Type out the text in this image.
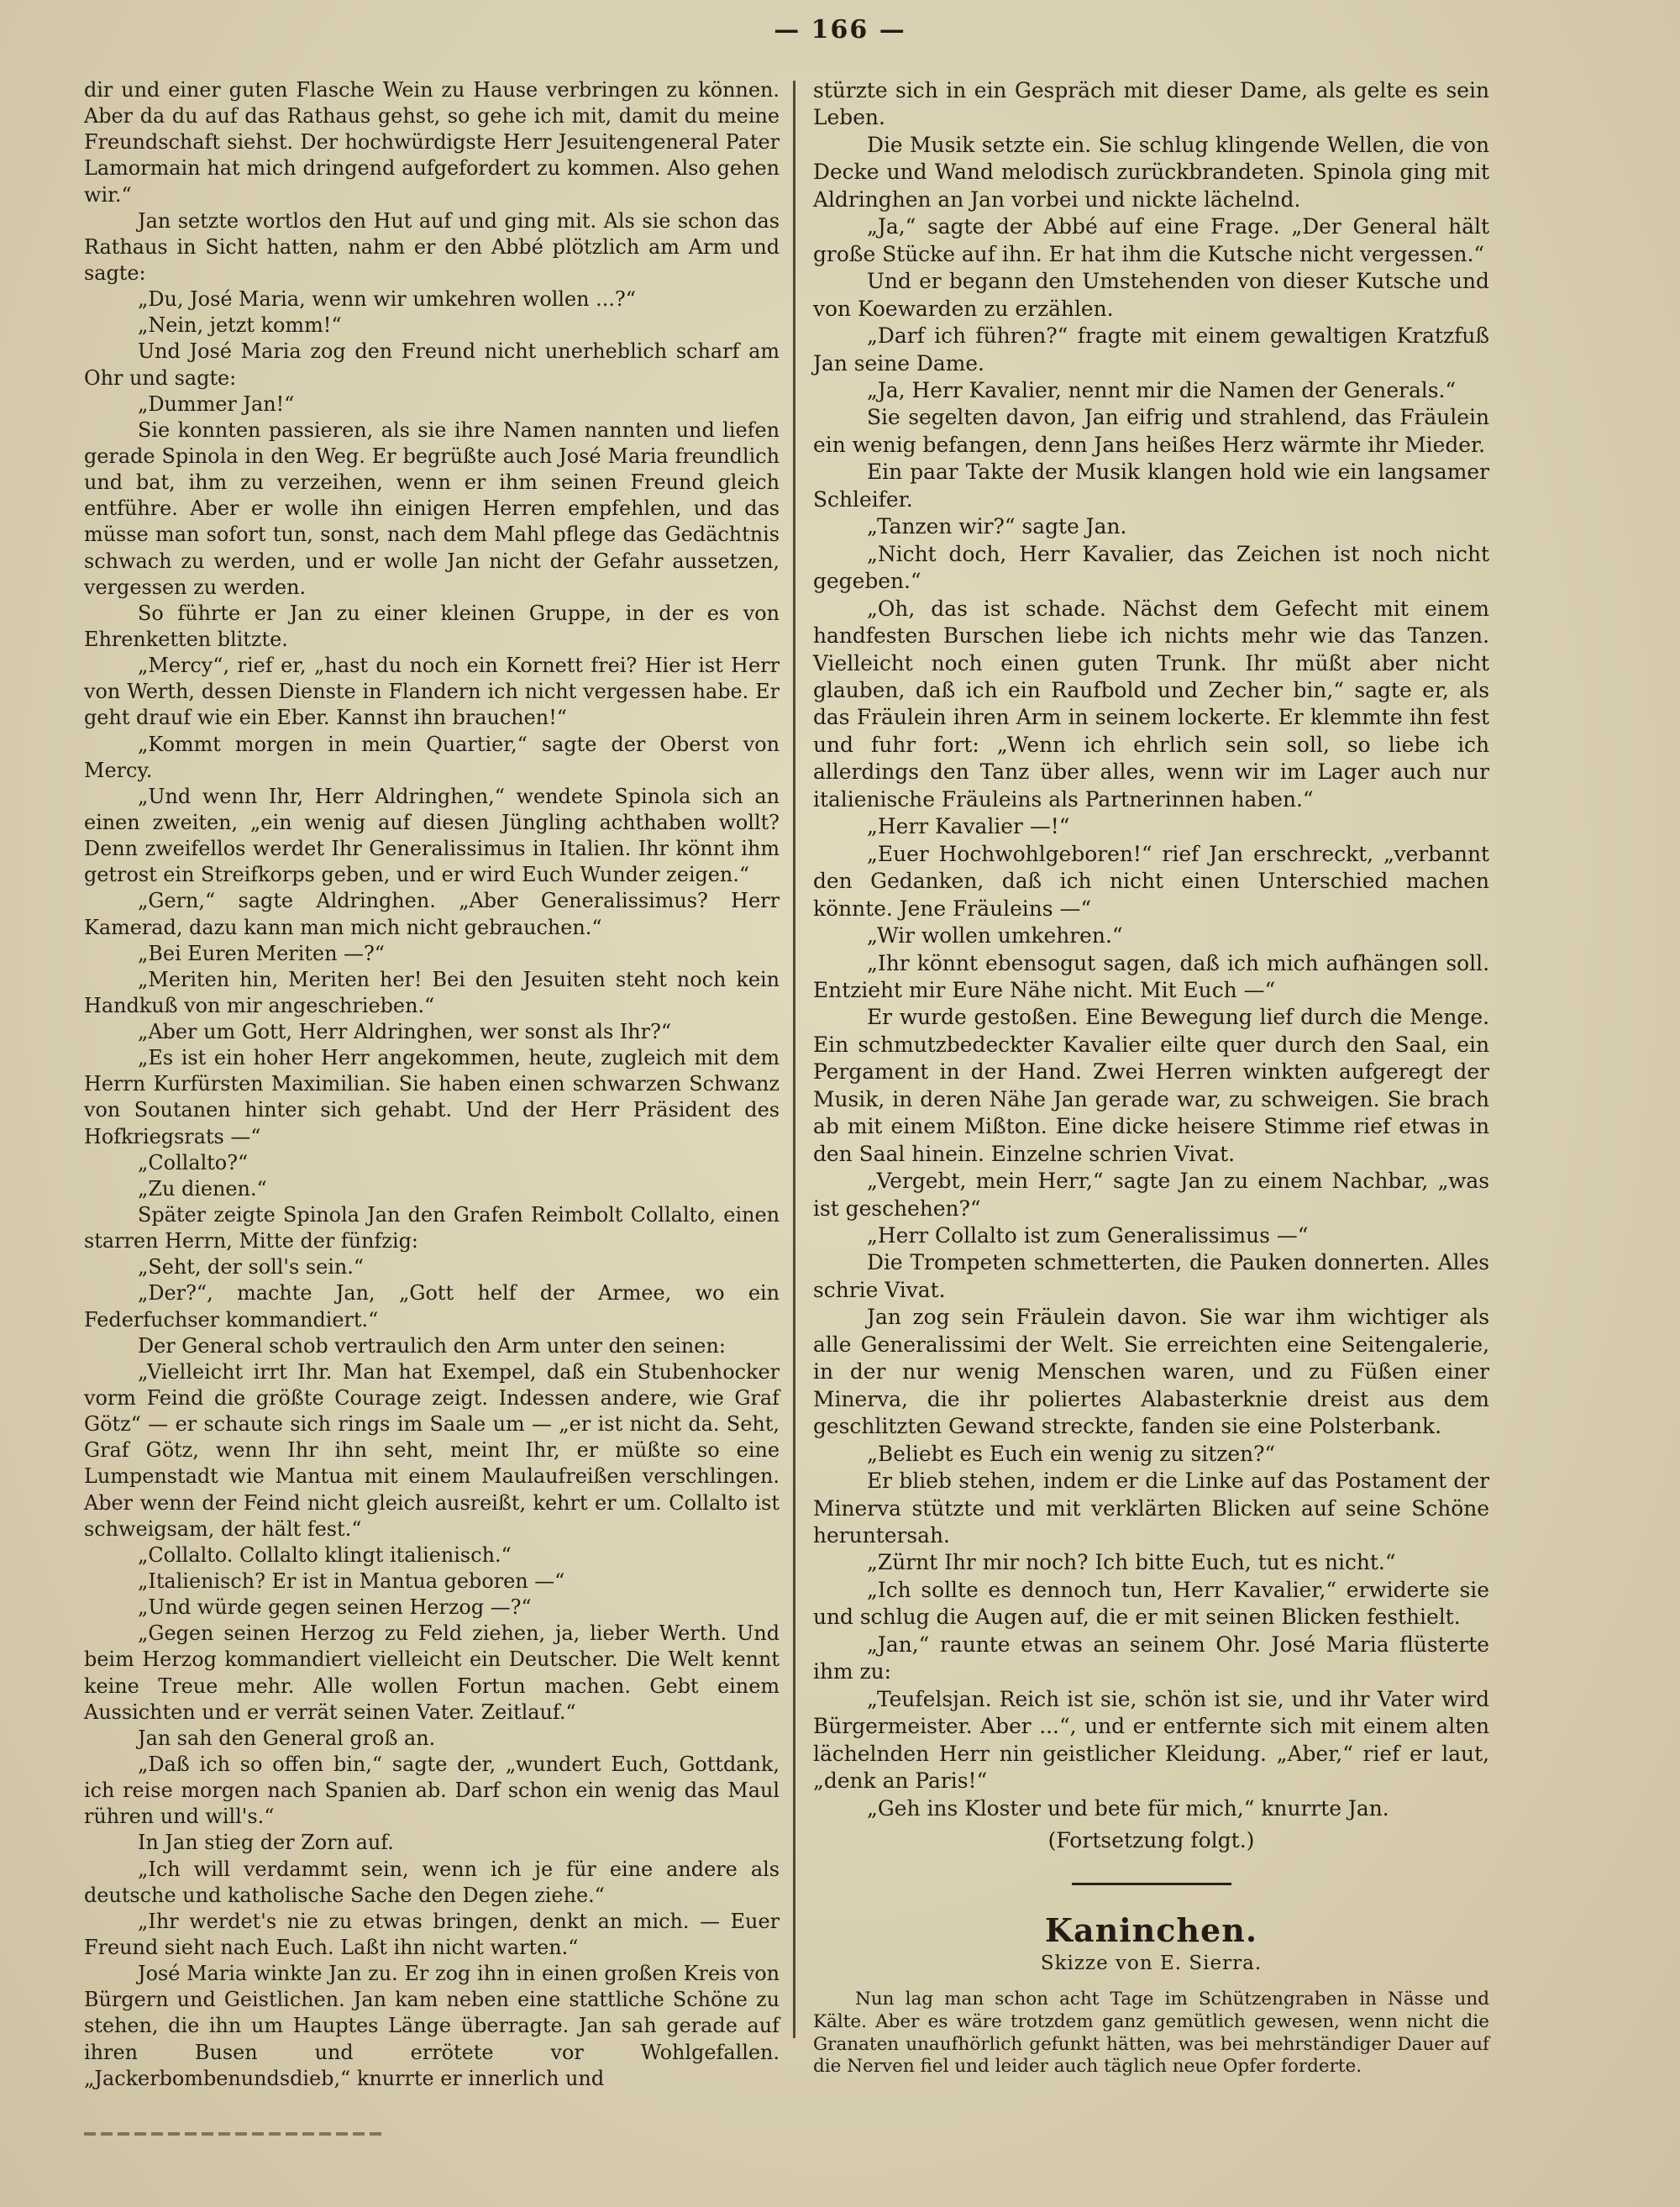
— 166 —

dir und einer guten Flasche Wein zu Hause verbringen zu können. Aber da du auf das Rathaus gehst, so gehe ich mit, damit du meine Freundschaft siehst. Der hochwürdigste Herr Jesuitengeneral Pater Lamormain hat mich dringend aufgefordert zu kommen. Also gehen wir.“

Jan setzte wortlos den Hut auf und ging mit. Als sie schon das Rathaus in Sicht hatten, nahm er den Abbé plötzlich am Arm und sagte:

„Du, José Maria, wenn wir umkehren wollen ...?“

„Nein, jetzt komm!“

Und José Maria zog den Freund nicht unerheblich scharf am Ohr und sagte:

„Dummer Jan!“

Sie konnten passieren, als sie ihre Namen nannten und liefen gerade Spinola in den Weg. Er begrüßte auch José Maria freundlich und bat, ihm zu verzeihen, wenn er ihm seinen Freund gleich entführe. Aber er wolle ihn einigen Herren empfehlen, und das müsse man sofort tun, sonst, nach dem Mahl pflege das Gedächtnis schwach zu werden, und er wolle Jan nicht der Gefahr aussetzen, vergessen zu werden.

So führte er Jan zu einer kleinen Gruppe, in der es von Ehrenketten blitzte.

„Mercy“, rief er, „hast du noch ein Kornett frei? Hier ist Herr von Werth, dessen Dienste in Flandern ich nicht vergessen habe. Er geht drauf wie ein Eber. Kannst ihn brauchen!“

„Kommt morgen in mein Quartier,“ sagte der Oberst von Mercy.

„Und wenn Ihr, Herr Aldringhen,“ wendete Spinola sich an einen zweiten, „ein wenig auf diesen Jüngling achthaben wollt? Denn zweifellos werdet Ihr Generalissimus in Italien. Ihr könnt ihm getrost ein Streifkorps geben, und er wird Euch Wunder zeigen.“

„Gern,“ sagte Aldringhen. „Aber Generalissimus? Herr Kamerad, dazu kann man mich nicht gebrauchen.“

„Bei Euren Meriten —?“

„Meriten hin, Meriten her! Bei den Jesuiten steht noch kein Handkuß von mir angeschrieben.“

„Aber um Gott, Herr Aldringhen, wer sonst als Ihr?“

„Es ist ein hoher Herr angekommen, heute, zugleich mit dem Herrn Kurfürsten Maximilian. Sie haben einen schwarzen Schwanz von Soutanen hinter sich gehabt. Und der Herr Präsident des Hofkriegsrats —“

„Collalto?“

„Zu dienen.“

Später zeigte Spinola Jan den Grafen Reimbolt Collalto, einen starren Herrn, Mitte der fünfzig:

„Seht, der soll's sein.“

„Der?“, machte Jan, „Gott helf der Armee, wo ein Federfuchser kommandiert.“

Der General schob vertraulich den Arm unter den seinen:

„Vielleicht irrt Ihr. Man hat Exempel, daß ein Stubenhocker vorm Feind die größte Courage zeigt. Indessen andere, wie Graf Götz“ — er schaute sich rings im Saale um — „er ist nicht da. Seht, Graf Götz, wenn Ihr ihn seht, meint Ihr, er müßte so eine Lumpenstadt wie Mantua mit einem Maulaufreißen verschlingen. Aber wenn der Feind nicht gleich ausreißt, kehrt er um. Collalto ist schweigsam, der hält fest.“

„Collalto. Collalto klingt italienisch.“

„Italienisch? Er ist in Mantua geboren —“

„Und würde gegen seinen Herzog —?“

„Gegen seinen Herzog zu Feld ziehen, ja, lieber Werth. Und beim Herzog kommandiert vielleicht ein Deutscher. Die Welt kennt keine Treue mehr. Alle wollen Fortun machen. Gebt einem Aussichten und er verrät seinen Vater. Zeitlauf.“

Jan sah den General groß an.

„Daß ich so offen bin,“ sagte der, „wundert Euch, Gottdank, ich reise morgen nach Spanien ab. Darf schon ein wenig das Maul rühren und will's.“

In Jan stieg der Zorn auf.

„Ich will verdammt sein, wenn ich je für eine andere als deutsche und katholische Sache den Degen ziehe.“

„Ihr werdet's nie zu etwas bringen, denkt an mich. — Euer Freund sieht nach Euch. Laßt ihn nicht warten.“

José Maria winkte Jan zu. Er zog ihn in einen großen Kreis von Bürgern und Geistlichen. Jan kam neben eine stattliche Schöne zu stehen, die ihn um Hauptes Länge überragte. Jan sah gerade auf ihren Busen und errötete vor Wohlgefallen. „Jackerbombenundsdieb,“ knurrte er innerlich und

stürzte sich in ein Gespräch mit dieser Dame, als gelte es sein Leben.

Die Musik setzte ein. Sie schlug klingende Wellen, die von Decke und Wand melodisch zurückbrandeten. Spinola ging mit Aldringhen an Jan vorbei und nickte lächelnd.

„Ja,“ sagte der Abbé auf eine Frage. „Der General hält große Stücke auf ihn. Er hat ihm die Kutsche nicht vergessen.“

Und er begann den Umstehenden von dieser Kutsche und von Koewarden zu erzählen.

„Darf ich führen?“ fragte mit einem gewaltigen Kratzfuß Jan seine Dame.

„Ja, Herr Kavalier, nennt mir die Namen der Generals.“

Sie segelten davon, Jan eifrig und strahlend, das Fräulein ein wenig befangen, denn Jans heißes Herz wärmte ihr Mieder.

Ein paar Takte der Musik klangen hold wie ein langsamer Schleifer.

„Tanzen wir?“ sagte Jan.

„Nicht doch, Herr Kavalier, das Zeichen ist noch nicht gegeben.“

„Oh, das ist schade. Nächst dem Gefecht mit einem handfesten Burschen liebe ich nichts mehr wie das Tanzen. Vielleicht noch einen guten Trunk. Ihr müßt aber nicht glauben, daß ich ein Raufbold und Zecher bin,“ sagte er, als das Fräulein ihren Arm in seinem lockerte. Er klemmte ihn fest und fuhr fort: „Wenn ich ehrlich sein soll, so liebe ich allerdings den Tanz über alles, wenn wir im Lager auch nur italienische Fräuleins als Partnerinnen haben.“

„Herr Kavalier —!“

„Euer Hochwohlgeboren!“ rief Jan erschreckt, „verbannt den Gedanken, daß ich nicht einen Unterschied machen könnte. Jene Fräuleins —“

„Wir wollen umkehren.“

„Ihr könnt ebensogut sagen, daß ich mich aufhängen soll. Entzieht mir Eure Nähe nicht. Mit Euch —“

Er wurde gestoßen. Eine Bewegung lief durch die Menge. Ein schmutzbedeckter Kavalier eilte quer durch den Saal, ein Pergament in der Hand. Zwei Herren winkten aufgeregt der Musik, in deren Nähe Jan gerade war, zu schweigen. Sie brach ab mit einem Mißton. Eine dicke heisere Stimme rief etwas in den Saal hinein. Einzelne schrien Vivat.

„Vergebt, mein Herr,“ sagte Jan zu einem Nachbar, „was ist geschehen?“

„Herr Collalto ist zum Generalissimus —“

Die Trompeten schmetterten, die Pauken donnerten. Alles schrie Vivat.

Jan zog sein Fräulein davon. Sie war ihm wichtiger als alle Generalissimi der Welt. Sie erreichten eine Seitengalerie, in der nur wenig Menschen waren, und zu Füßen einer Minerva, die ihr poliertes Alabasterknie dreist aus dem geschlitzten Gewand streckte, fanden sie eine Polsterbank.

„Beliebt es Euch ein wenig zu sitzen?“

Er blieb stehen, indem er die Linke auf das Postament der Minerva stützte und mit verklärten Blicken auf seine Schöne heruntersah.

„Zürnt Ihr mir noch? Ich bitte Euch, tut es nicht.“

„Ich sollte es dennoch tun, Herr Kavalier,“ erwiderte sie und schlug die Augen auf, die er mit seinen Blicken festhielt.

„Jan,“ raunte etwas an seinem Ohr. José Maria flüsterte ihm zu:

„Teufelsjan. Reich ist sie, schön ist sie, und ihr Vater wird Bürgermeister. Aber ...“, und er entfernte sich mit einem alten lächelnden Herr nin geistlicher Kleidung. „Aber,“ rief er laut, „denk an Paris!“

„Geh ins Kloster und bete für mich,“ knurrte Jan.

(Fortsetzung folgt.)
Kaninchen.
Skizze von E. Sierra.

Nun lag man schon acht Tage im Schützengraben in Nässe und Kälte. Aber es wäre trotzdem ganz gemütlich gewesen, wenn nicht die Granaten unaufhörlich gefunkt hätten, was bei mehrständiger Dauer auf die Nerven fiel und leider auch täglich neue Opfer forderte.
